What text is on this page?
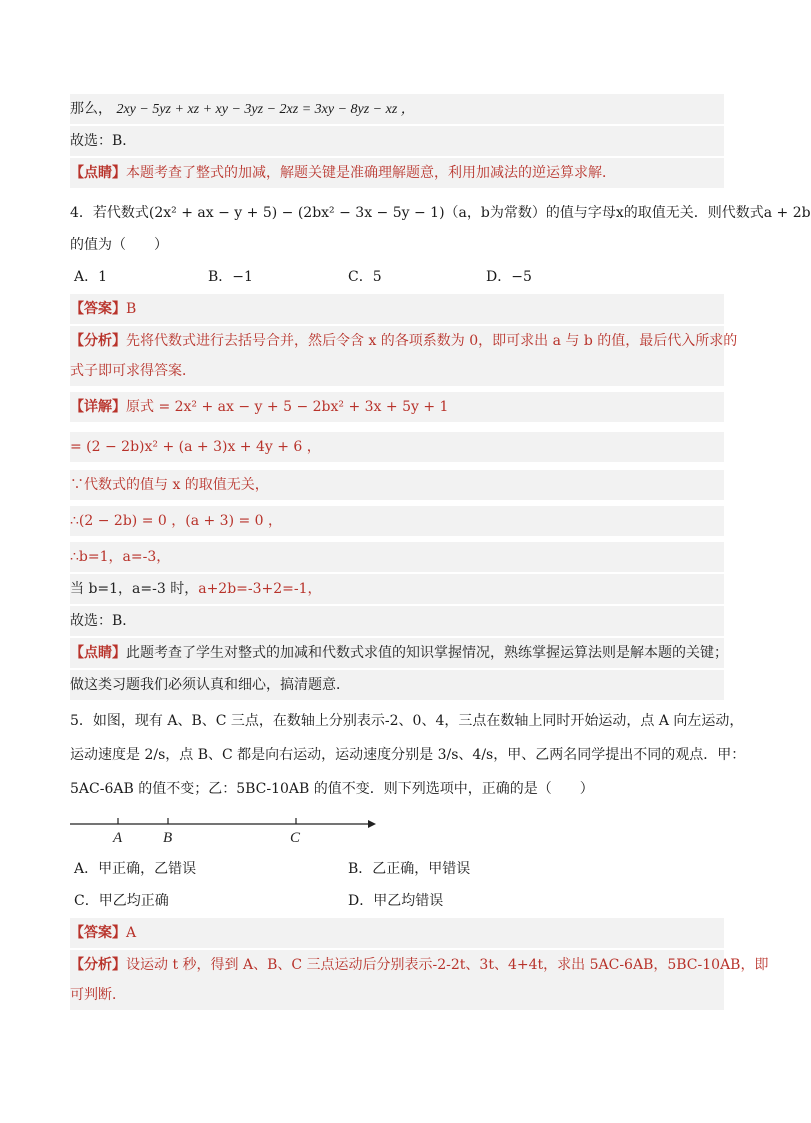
那么， 2xy − 5yz + xz + xy − 3yz − 2xz = 3xy − 8yz − xz ，
故选：B．
【点睛】本题考查了整式的加减，解题关键是准确理解题意，利用加减法的逆运算求解．
4．若代数式(2x² + ax − y + 5) − (2bx² − 3x − 5y − 1)（a，b为常数）的值与字母x的取值无关．则代数式a + 2b
的值为（　　）
A．1	B．−1	C．5	D．−5
【答案】B
【分析】先将代数式进行去括号合并，然后令含 x 的各项系数为 0，即可求出 a 与 b 的值，最后代入所求的
式子即可求得答案．
【详解】原式 = 2x² + ax − y + 5 − 2bx² + 3x + 5y + 1
= (2 − 2b)x² + (a + 3)x + 4y + 6 ，
∵代数式的值与 x 的取值无关，
∴(2 − 2b) = 0 ，(a + 3) = 0 ，
∴b=1，a=-3，
当 b=1，a=-3 时，a+2b=-3+2=-1，
故选：B．
【点睛】此题考查了学生对整式的加减和代数式求值的知识掌握情况，熟练掌握运算法则是解本题的关键；
做这类习题我们必须认真和细心，搞清题意．
5．如图，现有 A、B、C 三点，在数轴上分别表示-2、0、4，三点在数轴上同时开始运动，点 A 向左运动，
运动速度是 2/s，点 B、C 都是向右运动，运动速度分别是 3/s、4/s，甲、乙两名同学提出不同的观点．甲：
5AC-6AB 的值不变；乙：5BC-10AB 的值不变．则下列选项中，正确的是（　　）
A	B	C
A．甲正确，乙错误	B．乙正确，甲错误
C．甲乙均正确	D．甲乙均错误
【答案】A
【分析】设运动 t 秒，得到 A、B、C 三点运动后分别表示-2-2t、3t、4+4t，求出 5AC-6AB，5BC-10AB，即
可判断．
